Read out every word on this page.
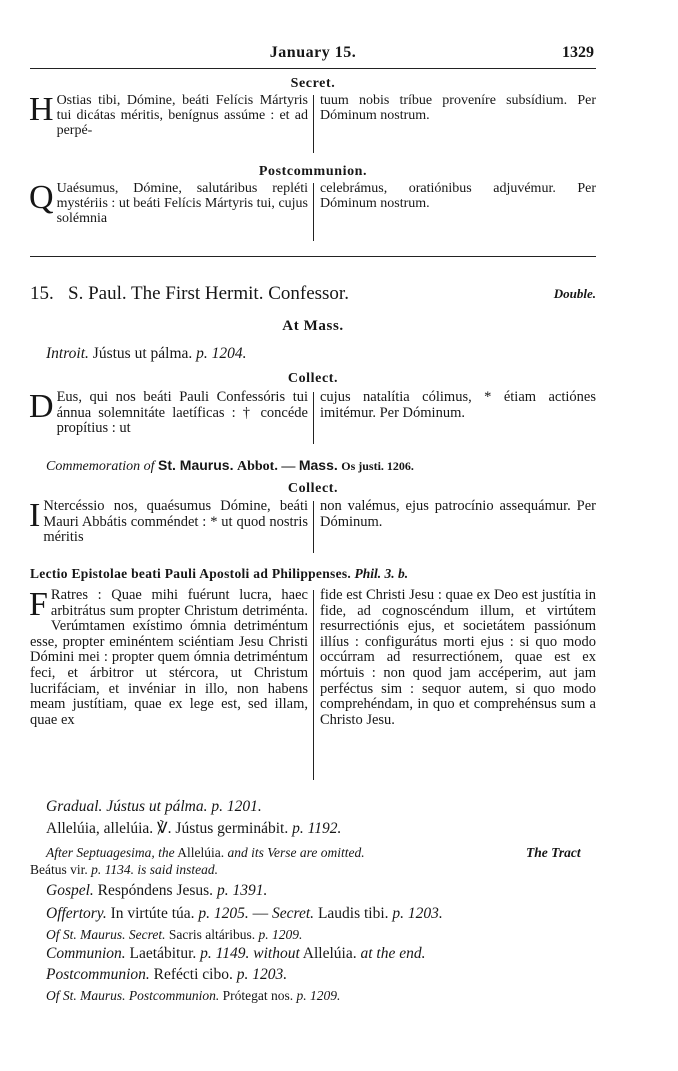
January 15.	1329
Secret.
H Ostias tibi, Dómine, beáti Felícis Mártyris tui dicátas méritis, benígnus assúme : et ad perpé-
tuum nobis tríbue proveníre subsídium. Per Dóminum nostrum.
Postcommunion.
Q Uaésumus, Dómine, salutáribus repléti mystériis : ut beáti Felícis Mártyris tui, cujus solémnia
celebrámus, oratiónibus adjuvémur. Per Dóminum nostrum.
15. S. Paul. The First Hermit. Confessor.	Double.
At Mass.
Introit. Jústus ut pálma. p. 1204.
Collect.
D Eus, qui nos beáti Pauli Confessóris tui ánnua solemnitáte laetíficas : † concéde propítius : ut
cujus natalítia cólimus, * étiam actiónes imitémur. Per Dóminum.
Commemoration of St. Maurus. Abbot. — Mass. Os justi. 1206.
Collect.
I Ntercéssio nos, quaésumus Dómine, beáti Mauri Abbátis comméndet : * ut quod nostris méritis
non valémus, ejus patrocínio assequámur. Per Dóminum.
Lectio Epistolae beati Pauli Apostoli ad Philippenses. Phil. 3. b.
F Ratres : Quae mihi fuérunt lucra, haec arbitrátus sum propter Christum detriménta. Verúmtamen exístimo ómnia detriméntum esse, propter eminéntem sciéntiam Jesu Christi Dómini mei : propter quem ómnia detriméntum feci, et árbitror ut stércora, ut Christum lucrifáciam, et invéniar in illo, non habens meam justítiam, quae ex lege est, sed illam, quae ex
fide est Christi Jesu : quae ex Deo est justítia in fide, ad cognoscéndum illum, et virtútem resurrectiónis ejus, et societátem passiónum illíus : configurátus morti ejus : si quo modo occúrram ad resurrectiónem, quae est ex mórtuis : non quod jam accéperim, aut jam perféctus sim : sequor autem, si quo modo comprehéndam, in quo et comprehénsus sum a Christo Jesu.
Gradual. Jústus ut pálma. p. 1201.
Allelúia, allelúia. ℣. Jústus germinábit. p. 1192.
After Septuagesima, the Allelúia. and its Verse are omitted.	The Tract
Beátus vir. p. 1134. is said instead.
Gospel. Respóndens Jesus. p. 1391.
Offertory. In virtúte túa. p. 1205. — Secret. Laudis tibi. p. 1203.
Of St. Maurus. Secret. Sacris altáribus. p. 1209.
Communion. Laetábitur. p. 1149. without Allelúia. at the end.
Postcommunion. Refécti cibo. p. 1203.
Of St. Maurus. Postcommunion. Prótegat nos. p. 1209.
